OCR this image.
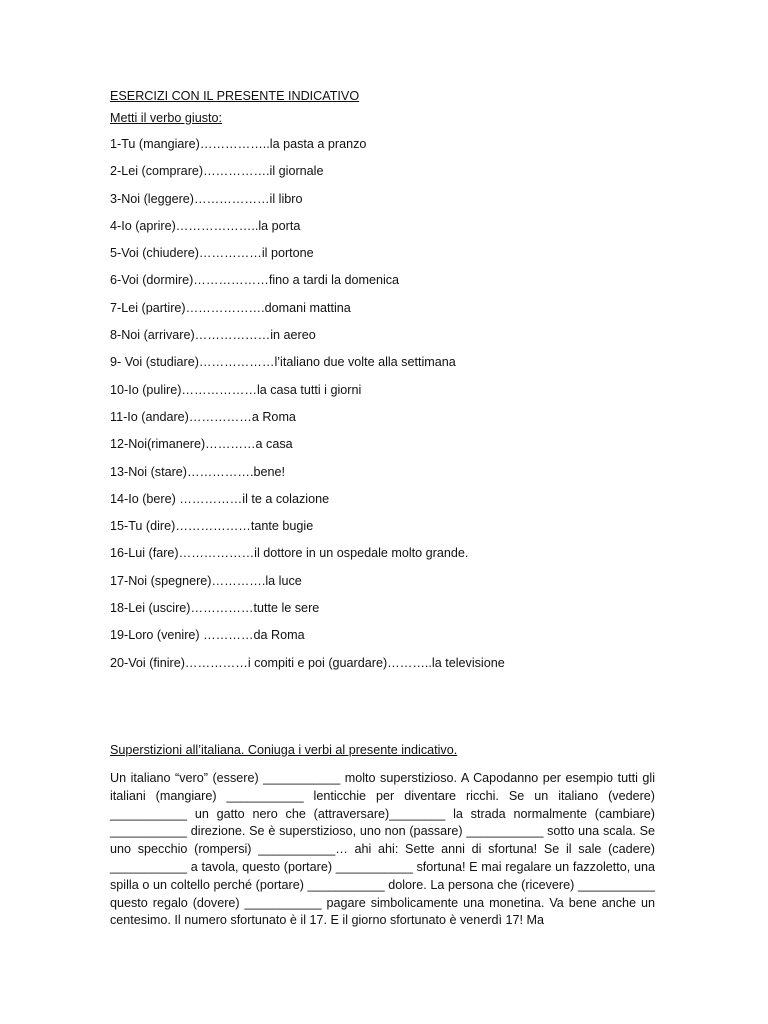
ESERCIZI CON IL PRESENTE INDICATIVO

Metti il verbo giusto:

1-Tu (mangiare)……………..la pasta a pranzo
2-Lei (comprare)…………….il giornale
3-Noi (leggere)………………il libro
4-Io (aprire)………………..la porta
5-Voi (chiudere)……………il portone
6-Voi (dormire)………………fino a tardi la domenica
7-Lei (partire)……………….domani mattina
8-Noi (arrivare)………………in aereo
9- Voi (studiare)………………l’italiano due volte alla settimana
10-Io (pulire)………………la casa tutti i giorni
11-Io (andare)……………a Roma
12-Noi(rimanere)…………a casa
13-Noi (stare)…………….bene!
14-Io (bere) ……………il te a colazione
15-Tu (dire)………………tante bugie
16-Lui (fare)………………il dottore in un ospedale molto grande.
17-Noi (spegnere)………….la luce
18-Lei (uscire)……………tutte le sere
19-Loro (venire) …………da Roma
20-Voi (finire)……………i compiti e poi (guardare)………..la televisione

Superstizioni all’italiana. Coniuga i verbi al presente indicativo.

Un italiano “vero” (essere) ___________ molto superstizioso. A Capodanno per esempio tutti gli italiani (mangiare) ___________ lenticchie per diventare ricchi. Se un italiano (vedere) ___________ un gatto nero che (attraversare)________ la strada normalmente (cambiare) ___________ direzione. Se è superstizioso, uno non (passare) ___________ sotto una scala. Se uno specchio (rompersi) ___________… ahi ahi: Sette anni di sfortuna! Se il sale (cadere) ___________ a tavola, questo (portare) ___________ sfortuna! E mai regalare un fazzoletto, una spilla o un coltello perché (portare) ___________ dolore. La persona che (ricevere) ___________ questo regalo (dovere) ___________ pagare simbolicamente una monetina. Va bene anche un centesimo. Il numero sfortunato è il 17. E il giorno sfortunato è venerdì 17! Ma
